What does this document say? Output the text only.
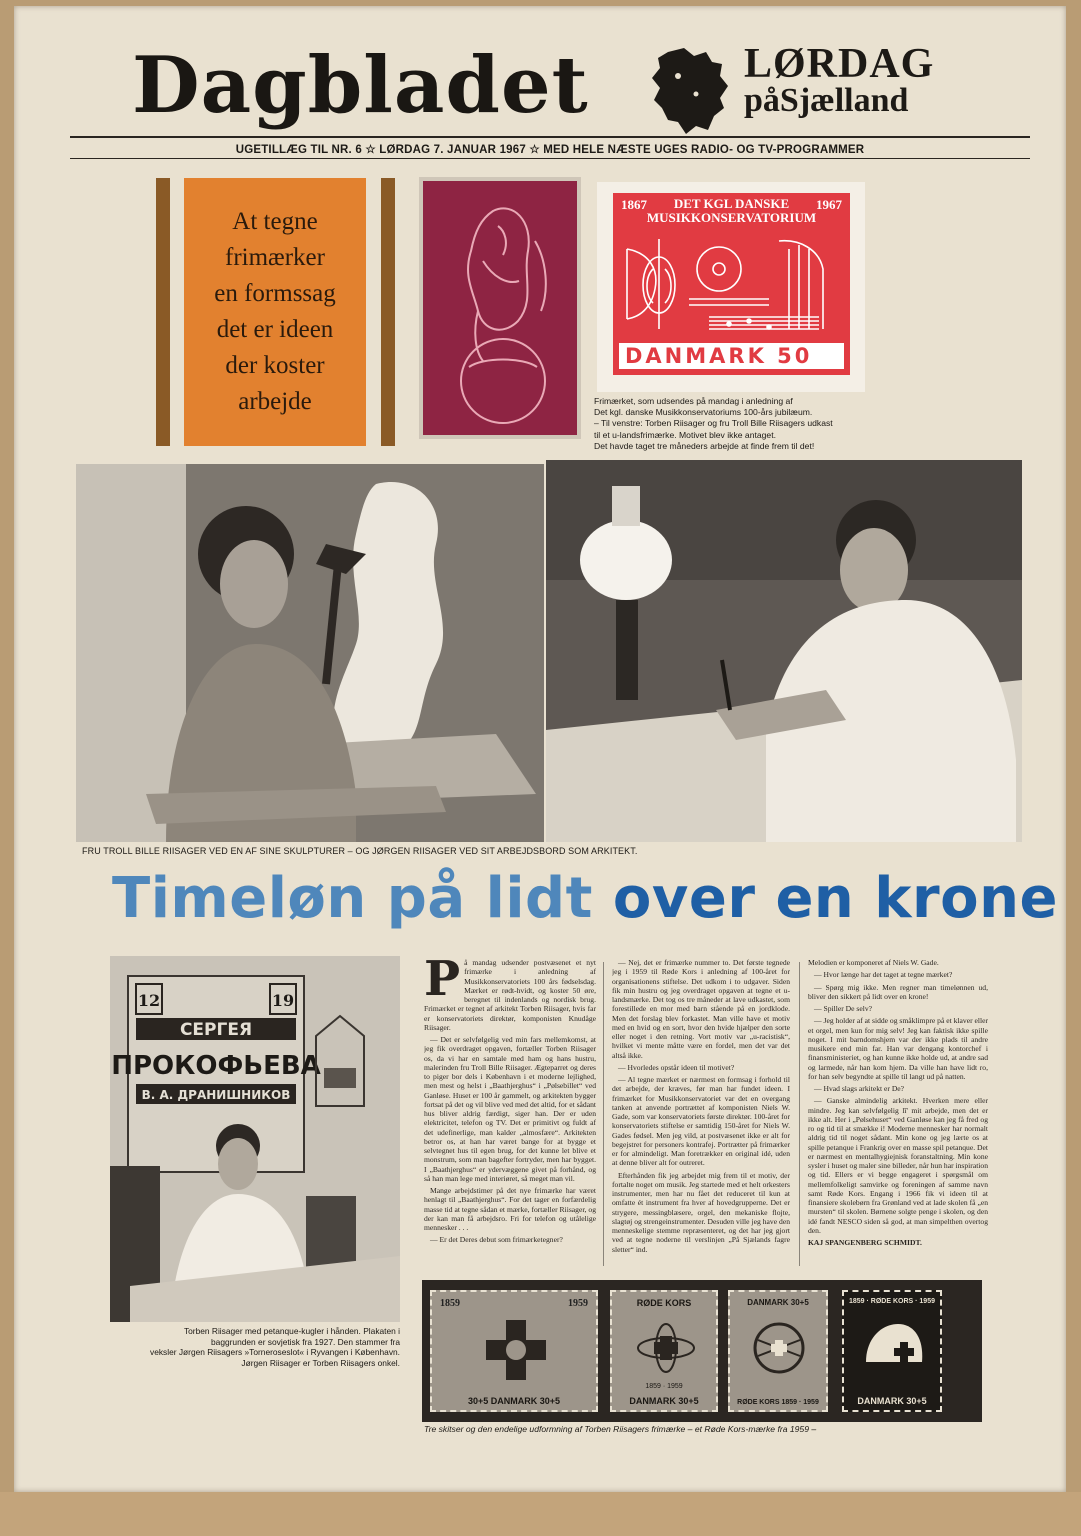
Dagbladet	LØRDAG
påSjælland
UGETILLÆG TIL NR. 6 ☆ LØRDAG 7. JANUAR 1967 ☆ MED HELE NÆSTE UGES RADIO- OG TV-PROGRAMMER
At tegne
frimærker
en formssag
det er ideen
der koster
arbejde
1867	1967
DET KGL DANSKE
MUSIKKONSERVATORIUM
DANMARK 50
Frimærket, som udsendes på mandag i anledning af
Det kgl. danske Musikkonservatoriums 100-års jubilæum.
– Til venstre: Torben Riisager og fru Troll Bille Riisagers udkast
til et u-landsfrimærke. Motivet blev ikke antaget.
Det havde taget tre måneders arbejde at finde frem til det!
FRU TROLL BILLE RIISAGER VED EN AF SINE SKULPTURER – OG JØRGEN RIISAGER VED SIT ARBEJDSBORD SOM ARKITEKT.
Timeløn på lidt over en krone
12	19
СЕРГЕЯ
ПРОКОФЬЕВА
В. А. ДРАНИШНИКОВ
Torben Riisager med petanque-kugler i hånden. Plakaten i
baggrunden er sovjetisk fra 1927. Den stammer fra
veksler Jørgen Riisagers »Torneroseslot« i Ryvangen i København.
Jørgen Riisager er Torben Riisagers onkel.
P å mandag udsender postvæsenet et nyt frimærke i anledning af Musikkonservatoriets 100 års fødselsdag. Mærket er rødt-hvidt, og koster 50 øre, beregnet til indenlands og nordisk brug. Frimærket er tegnet af arkitekt Torben Riisager, hvis far er konservatoriets direktør, komponisten Knudåge Riisager.

— Det er selvfølgelig ved min fars mellemkomst, at jeg fik overdraget opgaven, fortæller Torben Riisager os, da vi har en samtale med ham og hans hustru, malerinden fru Troll Bille Riisager. Ægteparret og deres to piger bor dels i København i et moderne lejlighed, men mest og helst i „Baathjerghus“ i „Pølsebillet“ ved Ganløse. Huset er 100 år gammelt, og arkitekten bygger fortsat på det og vil blive ved med det altid, for et sådant hus bliver aldrig færdigt, siger han. Der er uden elektricitet, telefon og TV. Det er primitivt og fuldt af det udefinerlige, man kalder „almosfære“. Arkitekten betror os, at han har været bange for at bygge et selvtegnet hus til egen brug, for det kunne let blive et monstrum, som man bagefter fortryder, men har bygget. I „Baathjerghus“ er ydervæggene givet på forhånd, og så han man lege med interiøret, så meget man vil.

Mange arbejdstimer på det nye frimærke har været henlagt til „Baathjerghus“. For det tager en forfærdelig masse tid at tegne sådan et mærke, fortæller Riisager, og der kan man få arbejdsro. Fri for telefon og utålelige mennesker . . .

— Er det Deres debut som frimærketegner?

— Nej, det er frimærke nummer to. Det første tegnede jeg i 1959 til Røde Kors i anledning af 100-året for organisationens stiftelse. Det udkom i to udgaver. Siden fik min hustru og jeg overdraget opgaven at tegne et u-landsmærke. Det tog os tre måneder at lave udkastet, som forestillede en mor med barn stående på en jordklode. Men det forslag blev forkastet. Man ville have et motiv med en hvid og en sort, hvor den hvide hjælper den sorte eller noget i den retning. Vort motiv var „u-racistisk“, hvilket vi mente måtte være en fordel, men det var det altså ikke.

— Hvorledes opstår ideen til motivet?

— Al tegne mærket er nærmest en formsag i forhold til det arbejde, der kræves, før man har fundet ideen. I frimærket for Musikkonservatoriet var det en overgang tanken at anvende portrættet af komponisten Niels W. Gade, som var konservatoriets første direktør. 100-året for konservatoriets stiftelse er samtidig 150-året for Niels W. Gades fødsel. Men jeg vild, at postvæsenet ikke er alt for begejstret for personers kontrafej. Portrætter på frimærker er for almindeligt. Man foretrækker en original idé, uden at denne bliver alt for outreret.

Efterhånden fik jeg arbejdet mig frem til et motiv, der fortalte noget om musik. Jeg startede med et helt orkesters instrumenter, men har nu fået det reduceret til kun at omfatte ét instrument fra hver af hovedgrupperne. Det er strygere, messingblæsere, orgel, den mekaniske flojte, slagtøj og strengeinstrumenter. Desuden ville jeg have den menneskelige stemme repræsenteret, og det har jeg gjort ved at tegne noderne til verslinjen „På Sjælands fagre sletter“ ind.

Melodien er komponeret af Niels W. Gade.

— Hvor længe har det taget at tegne mærket?

— Spørg mig ikke. Men regner man timelønnen ud, bliver den sikkert på lidt over en krone!

— Spiller De selv?

— Jeg holder af at sidde og småklimpre på et klaver eller et orgel, men kun for mig selv! Jeg kan faktisk ikke spille noget. I mit barndomshjem var der ikke plads til andre musikere end min far. Han var dengang kontorchef i finansministeriet, og han kunne ikke holde ud, at andre sad og larmede, når han kom hjem. Da ville han have lidt ro, for han selv begyndte at spille til langt ud på natten.

— Hvad slags arkitekt er De?

— Ganske almindelig arkitekt. Hverken mere eller mindre. Jeg kan selvfølgelig lī' mit arbejde, men det er ikke alt. Her i „Pølsehuset“ ved Ganløse kan jeg få fred og ro og tid til at smække i! Moderne mennesker har normalt aldrig tid til noget sådant. Min kone og jeg lærte os at spille petanque i Frankrig over en masse spil petanque. Det er nærmest en mentalhygiejnisk foranstaltning. Min kone sysler i huset og maler sine billeder, når hun har inspiration og tid. Ellers er vi begge engageret i spørgsmål om mellemfolkeligt samvirke og foreningen af samme navn samt Røde Kors. Engang i 1966 fik vi ideen til at finansiere skolebørn fra Grønland ved at lade skolen få „en mursten“ til skolen. Børnene solgte penge i skolen, og den idé fandt NESCO siden så god, at man simpelthen overtog den.

KAJ SPANGENBERG SCHMIDT.

1859	1959
30+5 DANMARK 30+5
RØDE KORS
1859 · 1959
DANMARK 30+5
DANMARK 30+5
RØDE KORS 1859 · 1959
1859 · RØDE KORS · 1959
DANMARK 30+5
Tre skitser og den endelige udformning af Torben Riisagers frimærke – et Røde Kors-mærke fra 1959 –
